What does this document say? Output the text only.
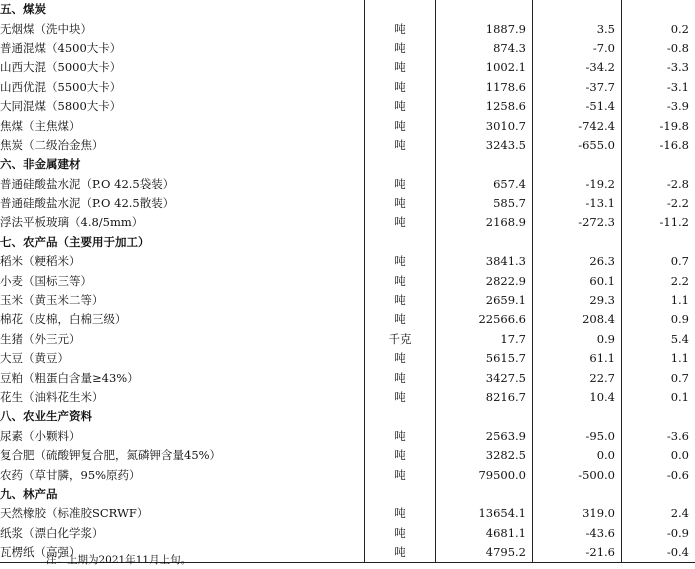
五、煤炭				
无烟煤（洗中块）	吨	1887.9	3.5	0.2
普通混煤（4500大卡）	吨	874.3	-7.0	-0.8
山西大混（5000大卡）	吨	1002.1	-34.2	-3.3
山西优混（5500大卡）	吨	1178.6	-37.7	-3.1
大同混煤（5800大卡）	吨	1258.6	-51.4	-3.9
焦煤（主焦煤）	吨	3010.7	-742.4	-19.8
焦炭（二级冶金焦）	吨	3243.5	-655.0	-16.8
六、非金属建材				
普通硅酸盐水泥（P.O 42.5袋装）	吨	657.4	-19.2	-2.8
普通硅酸盐水泥（P.O 42.5散装）	吨	585.7	-13.1	-2.2
浮法平板玻璃（4.8/5mm）	吨	2168.9	-272.3	-11.2
七、农产品（主要用于加工）				
稻米（粳稻米）	吨	3841.3	26.3	0.7
小麦（国标三等）	吨	2822.9	60.1	2.2
玉米（黄玉米二等）	吨	2659.1	29.3	1.1
棉花（皮棉，白棉三级）	吨	22566.6	208.4	0.9
生猪（外三元）	千克	17.7	0.9	5.4
大豆（黄豆）	吨	5615.7	61.1	1.1
豆粕（粗蛋白含量≥43%）	吨	3427.5	22.7	0.7
花生（油料花生米）	吨	8216.7	10.4	0.1
八、农业生产资料				
尿素（小颗料）	吨	2563.9	-95.0	-3.6
复合肥（硫酸钾复合肥，氮磷钾含量45%）	吨	3282.5	0.0	0.0
农药（草甘膦，95%原药）	吨	79500.0	-500.0	-0.6
九、林产品				
天然橡胶（标准胶SCRWF）	吨	13654.1	319.0	2.4
纸浆（漂白化学浆）	吨	4681.1	-43.6	-0.9
瓦楞纸（高强）	吨	4795.2	-21.6	-0.4
注：上期为2021年11月上旬。
